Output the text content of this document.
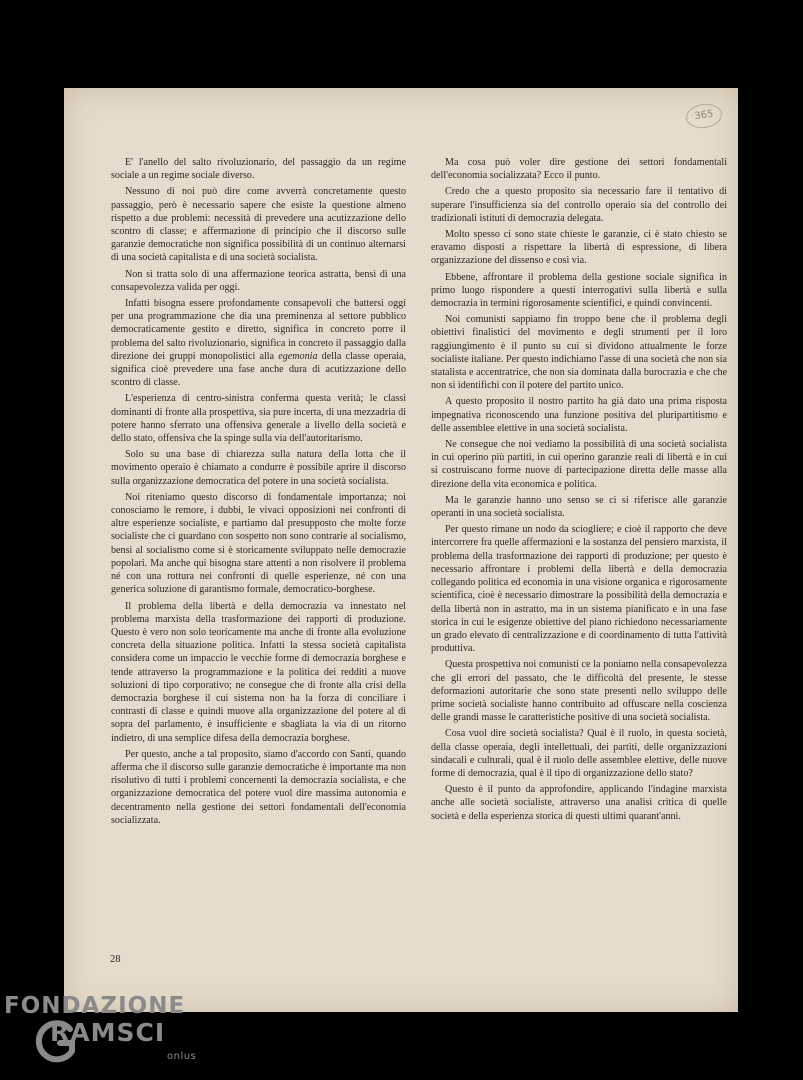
365

E' l'anello del salto rivoluzionario, del passaggio da un regime sociale a un regime sociale diverso.

Nessuno di noi può dire come avverrà concretamente questo passaggio, però è necessario sapere che esiste la questione almeno rispetto a due problemi: necessità di prevedere una acutizzazione dello scontro di classe; e affermazione di principio che il discorso sulle garanzie democratiche non significa possibilità di un continuo alternarsi di una società capitalista e di una società socialista.

Non si tratta solo di una affermazione teorica astratta, bensì di una consapevolezza valida per oggi.

Infatti bisogna essere profondamente consapevoli che battersi oggi per una programmazione che dia una preminenza al settore pubblico democraticamente gestito e diretto, significa in concreto porre il problema del salto rivoluzionario, significa in concreto il passaggio dalla direzione dei gruppi monopolistici alla egemonia della classe operaia, significa cioè prevedere una fase anche dura di acutizzazione dello scontro di classe.

L'esperienza di centro-sinistra conferma questa verità; le classi dominanti di fronte alla prospettiva, sia pure incerta, di una mezzadria di potere hanno sferrato una offensiva generale a livello della società e dello stato, offensiva che la spinge sulla via dell'autoritarismo.

Solo su una base di chiarezza sulla natura della lotta che il movimento operaio è chiamato a condurre è possibile aprire il discorso sulla organizzazione democratica del potere in una società socialista.

Noi riteniamo questo discorso di fondamentale importanza; noi conosciamo le remore, i dubbi, le vivaci opposizioni nei confronti di altre esperienze socialiste, e partiamo dal presupposto che molte forze socialiste che ci guardano con sospetto non sono contrarie al socialismo, bensì al socialismo come si è storicamente sviluppato nelle democrazie popolari. Ma anche qui bisogna stare attenti a non risolvere il problema né con una rottura nei confronti di quelle esperienze, né con una generica soluzione di garantismo formale, democratico-borghese.

Il problema della libertà e della democrazia va innestato nel problema marxista della trasformazione dei rapporti di produzione. Questo è vero non solo teoricamente ma anche di fronte alla evoluzione concreta della situazione politica. Infatti la stessa società capitalista considera come un impaccio le vecchie forme di democrazia borghese e tende attraverso la programmazione e la politica dei redditi a nuove soluzioni di tipo corporativo; ne consegue che di fronte alla crisi della democrazia borghese il cui sistema non ha la forza di conciliare i contrasti di classe e quindi muove alla organizzazione del potere al di sopra del parlamento, è insufficiente e sbagliata la via di un ritorno indietro, di una semplice difesa della democrazia borghese.

Per questo, anche a tal proposito, siamo d'accordo con Santi, quando afferma che il discorso sulle garanzie democratiche è importante ma non risolutivo di tutti i problemi concernenti la democrazia socialista, e che organizzazione democratica del potere vuol dire massima autonomia e decentramento nella gestione dei settori fondamentali dell'economia socializzata.

Ma cosa può voler dire gestione dei settori fondamentali dell'economia socializzata? Ecco il punto.

Credo che a questo proposito sia necessario fare il tentativo di superare l'insufficienza sia del controllo operaio sia del controllo dei tradizionali istituti di democrazia delegata.

Molto spesso ci sono state chieste le garanzie, ci è stato chiesto se eravamo disposti a rispettare la libertà di espressione, di libera organizzazione del dissenso e così via.

Ebbene, affrontare il problema della gestione sociale significa in primo luogo rispondere a questi interrogativi sulla libertà e sulla democrazia in termini rigorosamente scientifici, e quindi convincenti.

Noi comunisti sappiamo fin troppo bene che il problema degli obiettivi finalistici del movimento e degli strumenti per il loro raggiungimento è il punto su cui si dividono attualmente le forze socialiste italiane. Per questo indichiamo l'asse di una società che non sia statalista e accentratrice, che non sia dominata dalla burocrazia e che che non si identifichi con il potere del partito unico.

A questo proposito il nostro partito ha già dato una prima risposta impegnativa riconoscendo una funzione positiva del pluripartitismo e delle assemblee elettive in una società socialista.

Ne consegue che noi vediamo la possibilità di una società socialista in cui operino più partiti, in cui operino garanzie reali di libertà e in cui si costruiscano forme nuove di partecipazione diretta delle masse alla direzione della vita economica e politica.

Ma le garanzie hanno uno senso se ci si riferisce alle garanzie operanti in una società socialista.

Per questo rimane un nodo da sciogliere; e cioè il rapporto che deve intercorrere fra quelle affermazioni e la sostanza del pensiero marxista, il problema della trasformazione dei rapporti di produzione; per questo è necessario affrontare i problemi della libertà e della democrazia collegando politica ed economia in una visione organica e rigorosamente scientifica, cioè è necessario dimostrare la possibilità della democrazia e della libertà non in astratto, ma in un sistema pianificato e in una fase storica in cui le esigenze obiettive del piano richiedono necessariamente un grado elevato di centralizzazione e di coordinamento di tutta l'attività produttiva.

Questa prospettiva noi comunisti ce la poniamo nella consapevolezza che gli errori del passato, che le difficoltà del presente, le stesse deformazioni autoritarie che sono state presenti nello sviluppo delle prime società socialiste hanno contribuito ad offuscare nella coscienza delle grandi masse le caratteristiche positive di una società socialista.

Cosa vuol dire società socialista? Qual è il ruolo, in questa società, della classe operaia, degli intellettuali, dei partiti, delle organizzazioni sindacali e culturali, qual è il ruolo delle assemblee elettive, delle nuove forme di democrazia, qual è il tipo di organizzazione dello stato?

Questo è il punto da approfondire, applicando l'indagine marxista anche alle società socialiste, attraverso una analisi critica di quelle società e della esperienza storica di questi ultimi quarant'anni.

28
FONDAZIONE
RAMSCI
onlus
